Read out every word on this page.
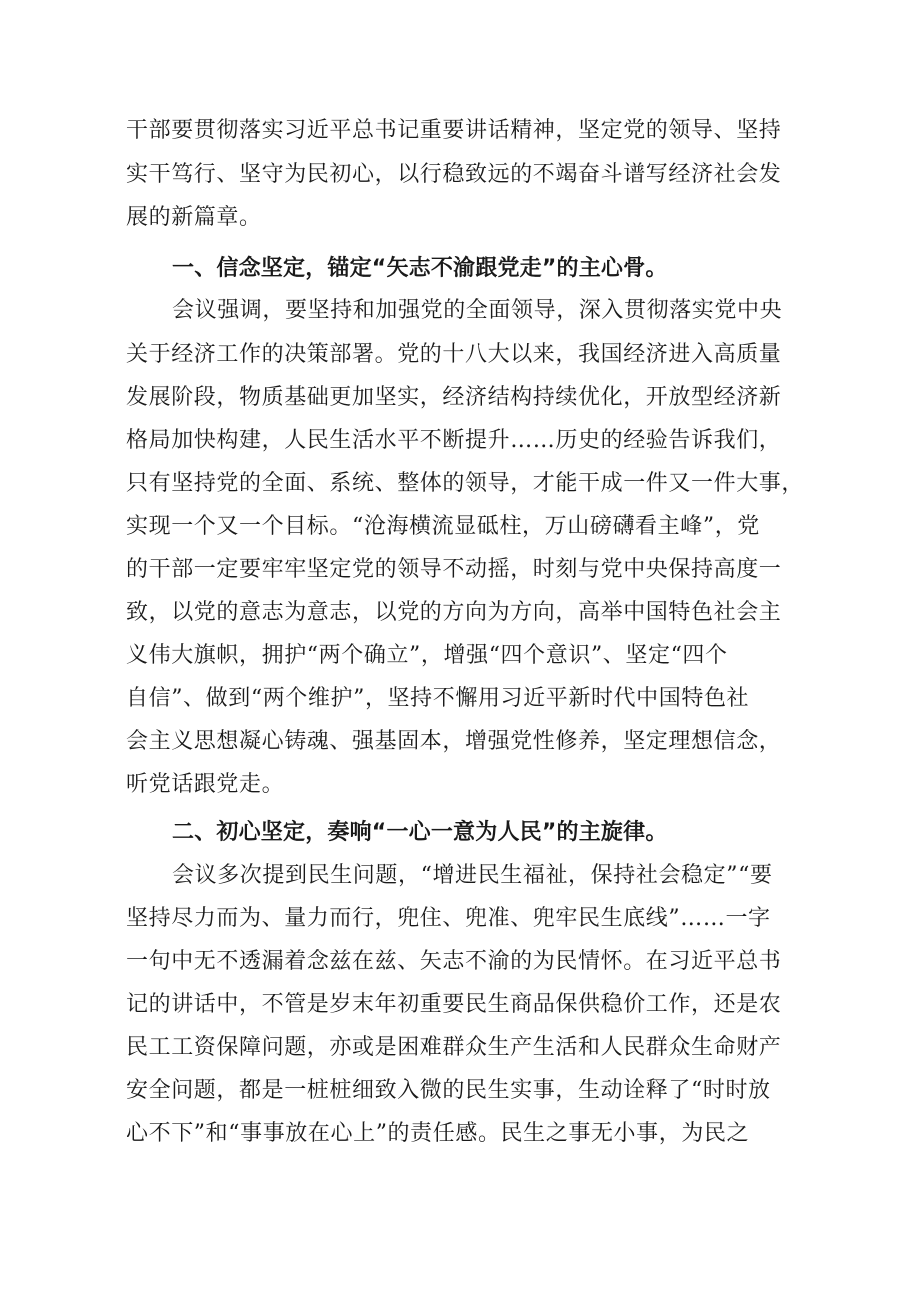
干部要贯彻落实习近平总书记重要讲话精神，坚定党的领导、坚持
实干笃行、坚守为民初心，以行稳致远的不竭奋斗谱写经济社会发
展的新篇章。
一、信念坚定，锚定“矢志不渝跟党走”的主心骨。
会议强调，要坚持和加强党的全面领导，深入贯彻落实党中央
关于经济工作的决策部署。党的十八大以来，我国经济进入高质量
发展阶段，物质基础更加坚实，经济结构持续优化，开放型经济新
格局加快构建，人民生活水平不断提升……历史的经验告诉我们，
只有坚持党的全面、系统、整体的领导，才能干成一件又一件大事，
实现一个又一个目标。“沧海横流显砥柱，万山磅礴看主峰”，党
的干部一定要牢牢坚定党的领导不动摇，时刻与党中央保持高度一
致，以党的意志为意志，以党的方向为方向，高举中国特色社会主
义伟大旗帜，拥护“两个确立”，增强“四个意识”、坚定“四个
自信”、做到“两个维护”，坚持不懈用习近平新时代中国特色社
会主义思想凝心铸魂、强基固本，增强党性修养，坚定理想信念，
听党话跟党走。
二、初心坚定，奏响“一心一意为人民”的主旋律。
会议多次提到民生问题，“增进民生福祉，保持社会稳定”“要
坚持尽力而为、量力而行，兜住、兜准、兜牢民生底线”……一字
一句中无不透漏着念兹在兹、矢志不渝的为民情怀。在习近平总书
记的讲话中，不管是岁末年初重要民生商品保供稳价工作，还是农
民工工资保障问题，亦或是困难群众生产生活和人民群众生命财产
安全问题，都是一桩桩细致入微的民生实事，生动诠释了“时时放
心不下”和“事事放在心上”的责任感。民生之事无小事，为民之
